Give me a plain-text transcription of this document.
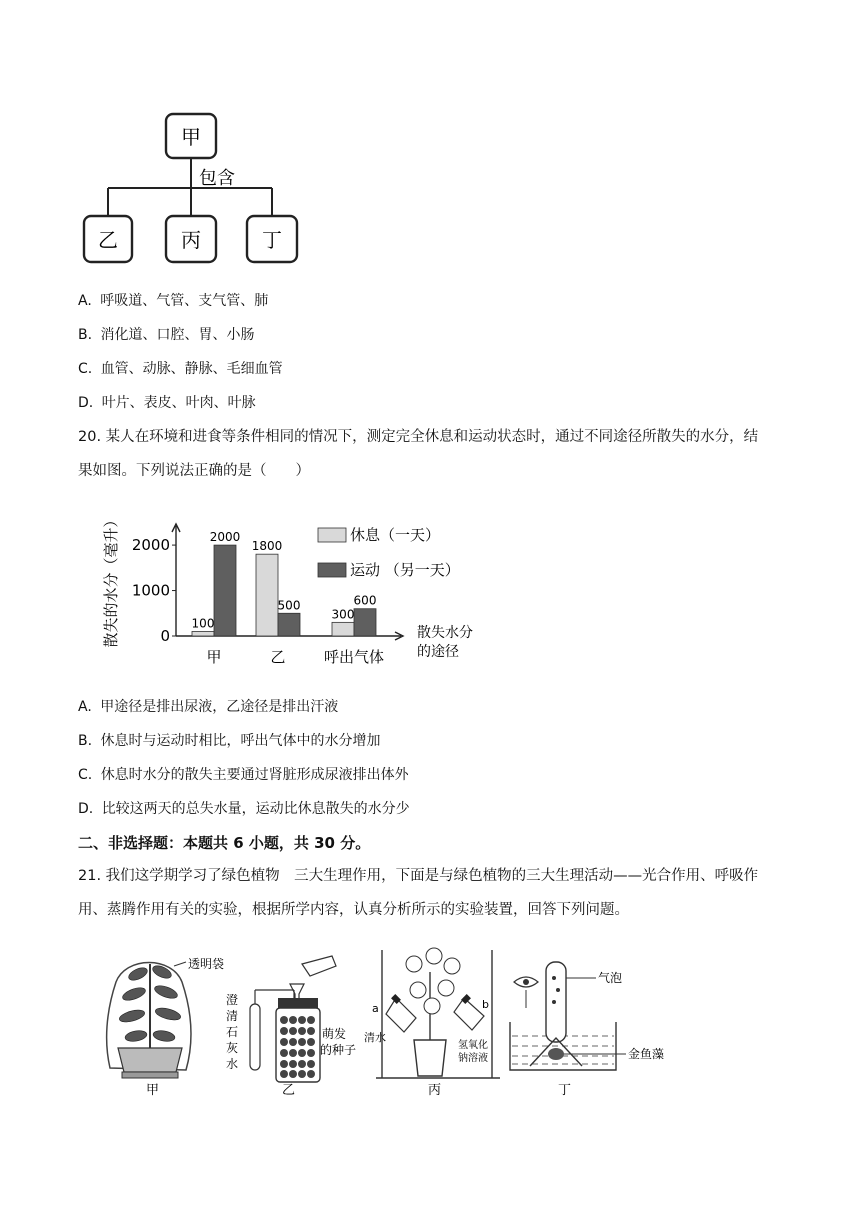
甲
包含
乙	丙	丁
A. 呼吸道、气管、支气管、肺
B. 消化道、口腔、胃、小肠
C. 血管、动脉、静脉、毛细血管
D. 叶片、表皮、叶肉、叶脉
20. 某人在环境和进食等条件相同的情况下，测定完全休息和运动状态时，通过不同途径所散失的水分，结
果如图。下列说法正确的是（　　）
散失的水分（毫升）	0
1000
2000
100
2000
甲
1800
500
乙
300
600
呼出气体
散失水分
的途径
休息（一天）
运动 （另一天）
A. 甲途径是排出尿液，乙途径是排出汗液
B. 休息时与运动时相比，呼出气体中的水分增加
C. 休息时水分的散失主要通过肾脏形成尿液排出体外
D. 比较这两天的总失水量，运动比休息散失的水分少
二、非选择题：本题共 6 小题，共 30 分。
21. 我们这学期学习了绿色植物　三大生理作用，下面是与绿色植物的三大生理活动——光合作用、呼吸作
用、蒸腾作用有关的实验，根据所学内容，认真分析所示的实验装置，回答下列问题。
透明袋
甲
澄
清
石
灰
水
萌发
的种子
乙
a	b
清水
氢氧化
钠溶液
丙
气泡
金鱼藻
丁
